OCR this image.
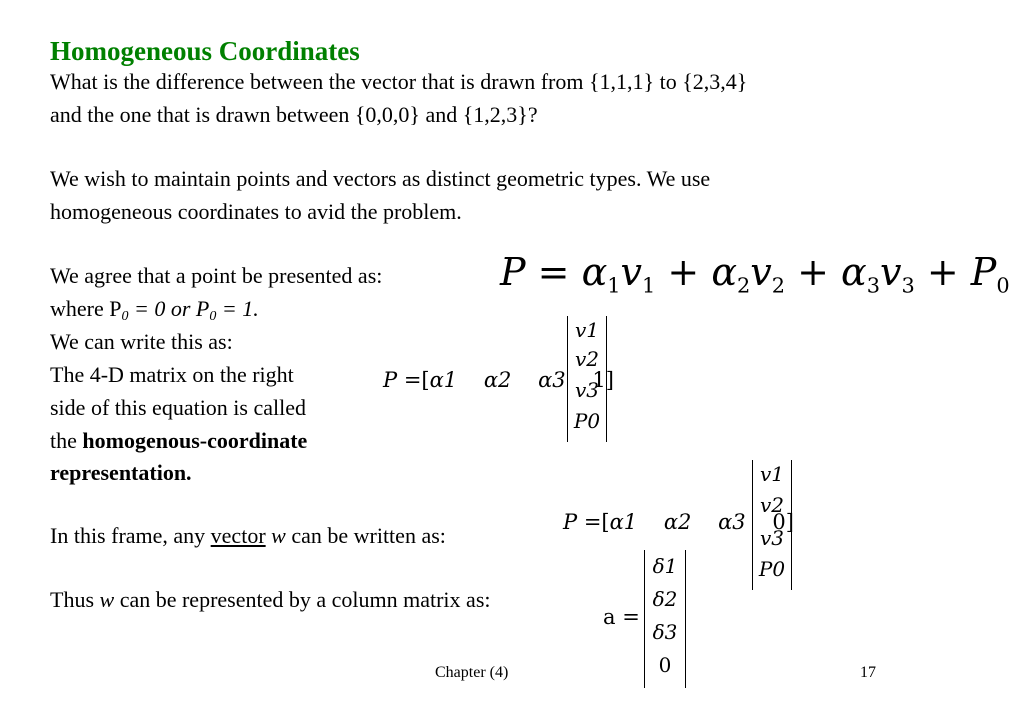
Homogeneous Coordinates
What is the difference between the vector that is drawn from {1,1,1} to {2,3,4}
and the one that is drawn between {0,0,0} and {1,2,3}?
We wish to maintain points and vectors as distinct geometric types. We use
homogeneous coordinates to avid the problem.
We agree that a point be presented as:
where $P_0 = 0$ or $P_0 = 1$.
We can write this as:
The 4-D matrix on the right
side of this equation is called
the homogenous-coordinate
representation.
In this frame, any vector w can be written as:
Thus w can be represented by a column matrix as:
P = α1v1 + α2v2 + α3v3 + P0
P =[α1 α2 α3 1]
v1
v2
v3
P0
P =[α1 α2 α3 0]
v1
v2
v3
P0
a =
δ1
δ2
δ3
0
Chapter (4)	17
